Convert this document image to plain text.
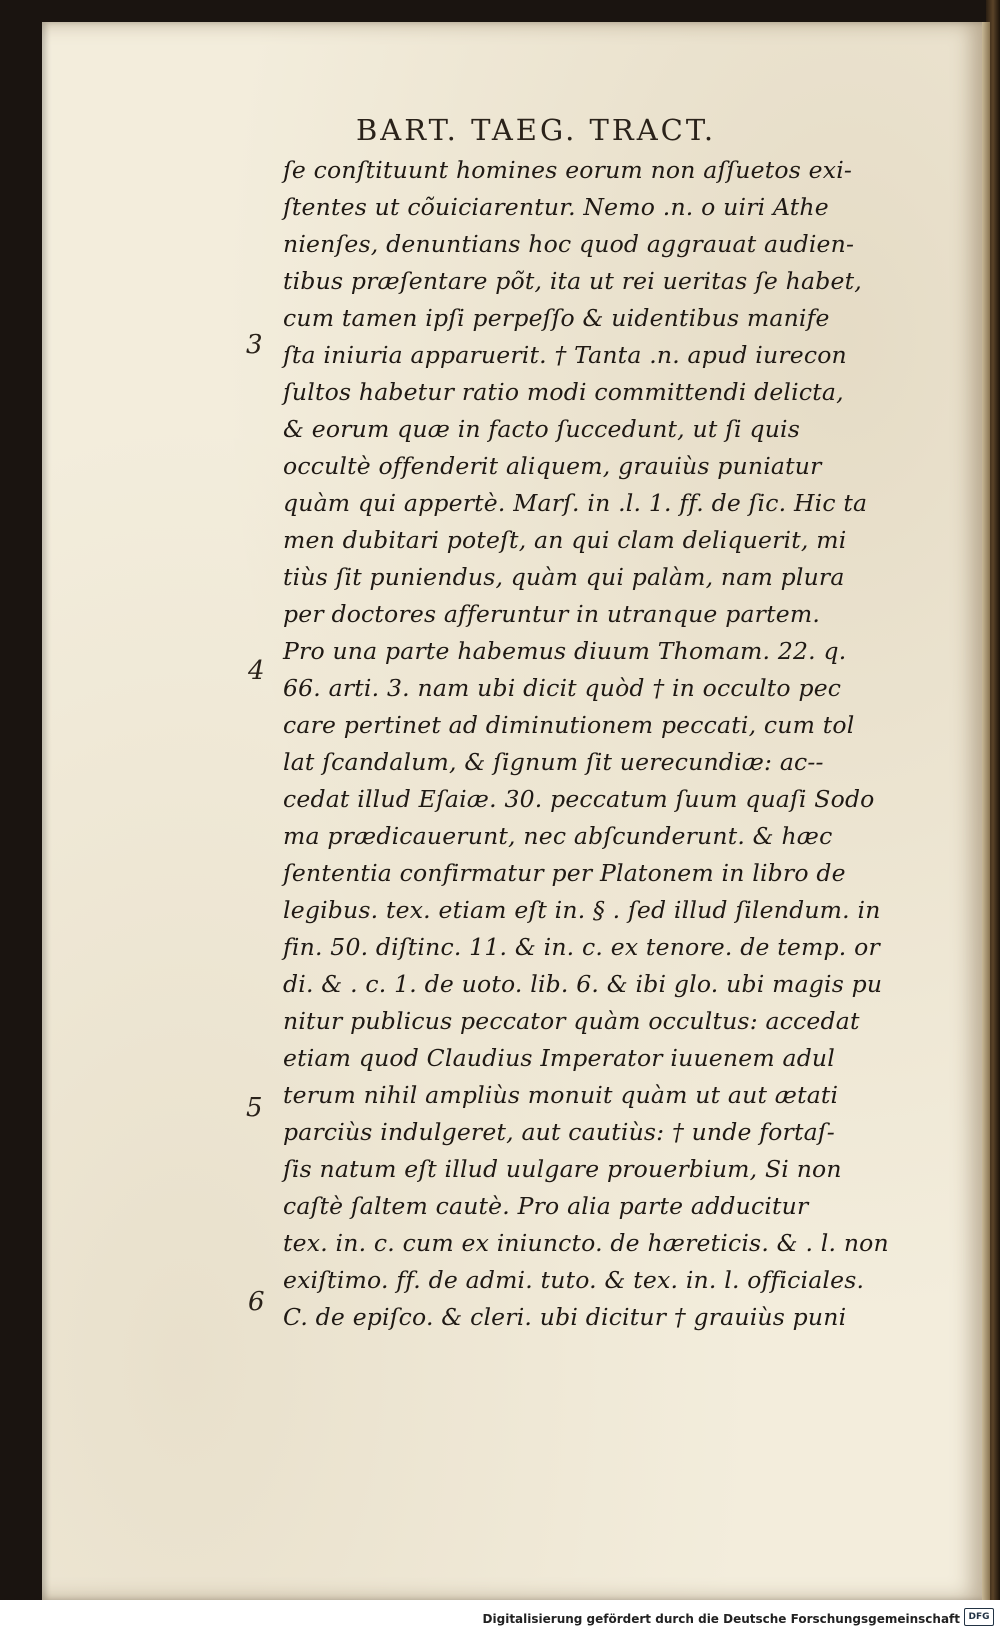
BART. TAEG. TRACT.
3
4
5
6
ſe conſtituunt homines eorum non aſſuetos exi-
ſtentes ut cõuiciarentur. Nemo .n. o uiri Athe
nienſes, denuntians hoc quod aggrauat audien-
tibus præſentare põt, ita ut rei ueritas ſe habet,
cum tamen ipſi perpeſſo & uidentibus manife
ſta iniuria apparuerit. † Tanta .n. apud iurecon
ſultos habetur ratio modi committendi delicta,
& eorum quæ in facto ſuccedunt, ut ſi quis
occultè offenderit aliquem, grauiùs puniatur
quàm qui appertè. Marſ. in .l. 1. ff. de ſic. Hic ta
men dubitari poteſt, an qui clam deliquerit, mi
tiùs ſit puniendus, quàm qui palàm, nam plura
per doctores afferuntur in utranque partem.
Pro una parte habemus diuum Thomam. 22. q.
66. arti. 3. nam ubi dicit quòd † in occulto pec
care pertinet ad diminutionem peccati, cum tol
lat ſcandalum, & ſignum ſit uerecundiæ: ac--
cedat illud Eſaiæ. 30. peccatum ſuum quaſi Sodo
ma prædicauerunt, nec abſcunderunt. & hæc
ſententia confirmatur per Platonem in libro de
legibus. tex. etiam eſt in. § . ſed illud ſilendum. in
fin. 50. diſtinc. 11. & in. c. ex tenore. de temp. or
di. & . c. 1. de uoto. lib. 6. & ibi glo. ubi magis pu
nitur publicus peccator quàm occultus: accedat
etiam quod Claudius Imperator iuuenem adul
terum nihil ampliùs monuit quàm ut aut ætati
parciùs indulgeret, aut cautiùs: † unde fortaſ-
ſis natum eſt illud uulgare prouerbium, Si non
caſtè ſaltem cautè. Pro alia parte adducitur
tex. in. c. cum ex iniuncto. de hæreticis. & . l. non
exiſtimo. ff. de admi. tuto. & tex. in. l. officiales.
C. de epiſco. & cleri. ubi dicitur † grauiùs puni
Digitalisierung gefördert durch die Deutsche Forschungsgemeinschaft DFG
